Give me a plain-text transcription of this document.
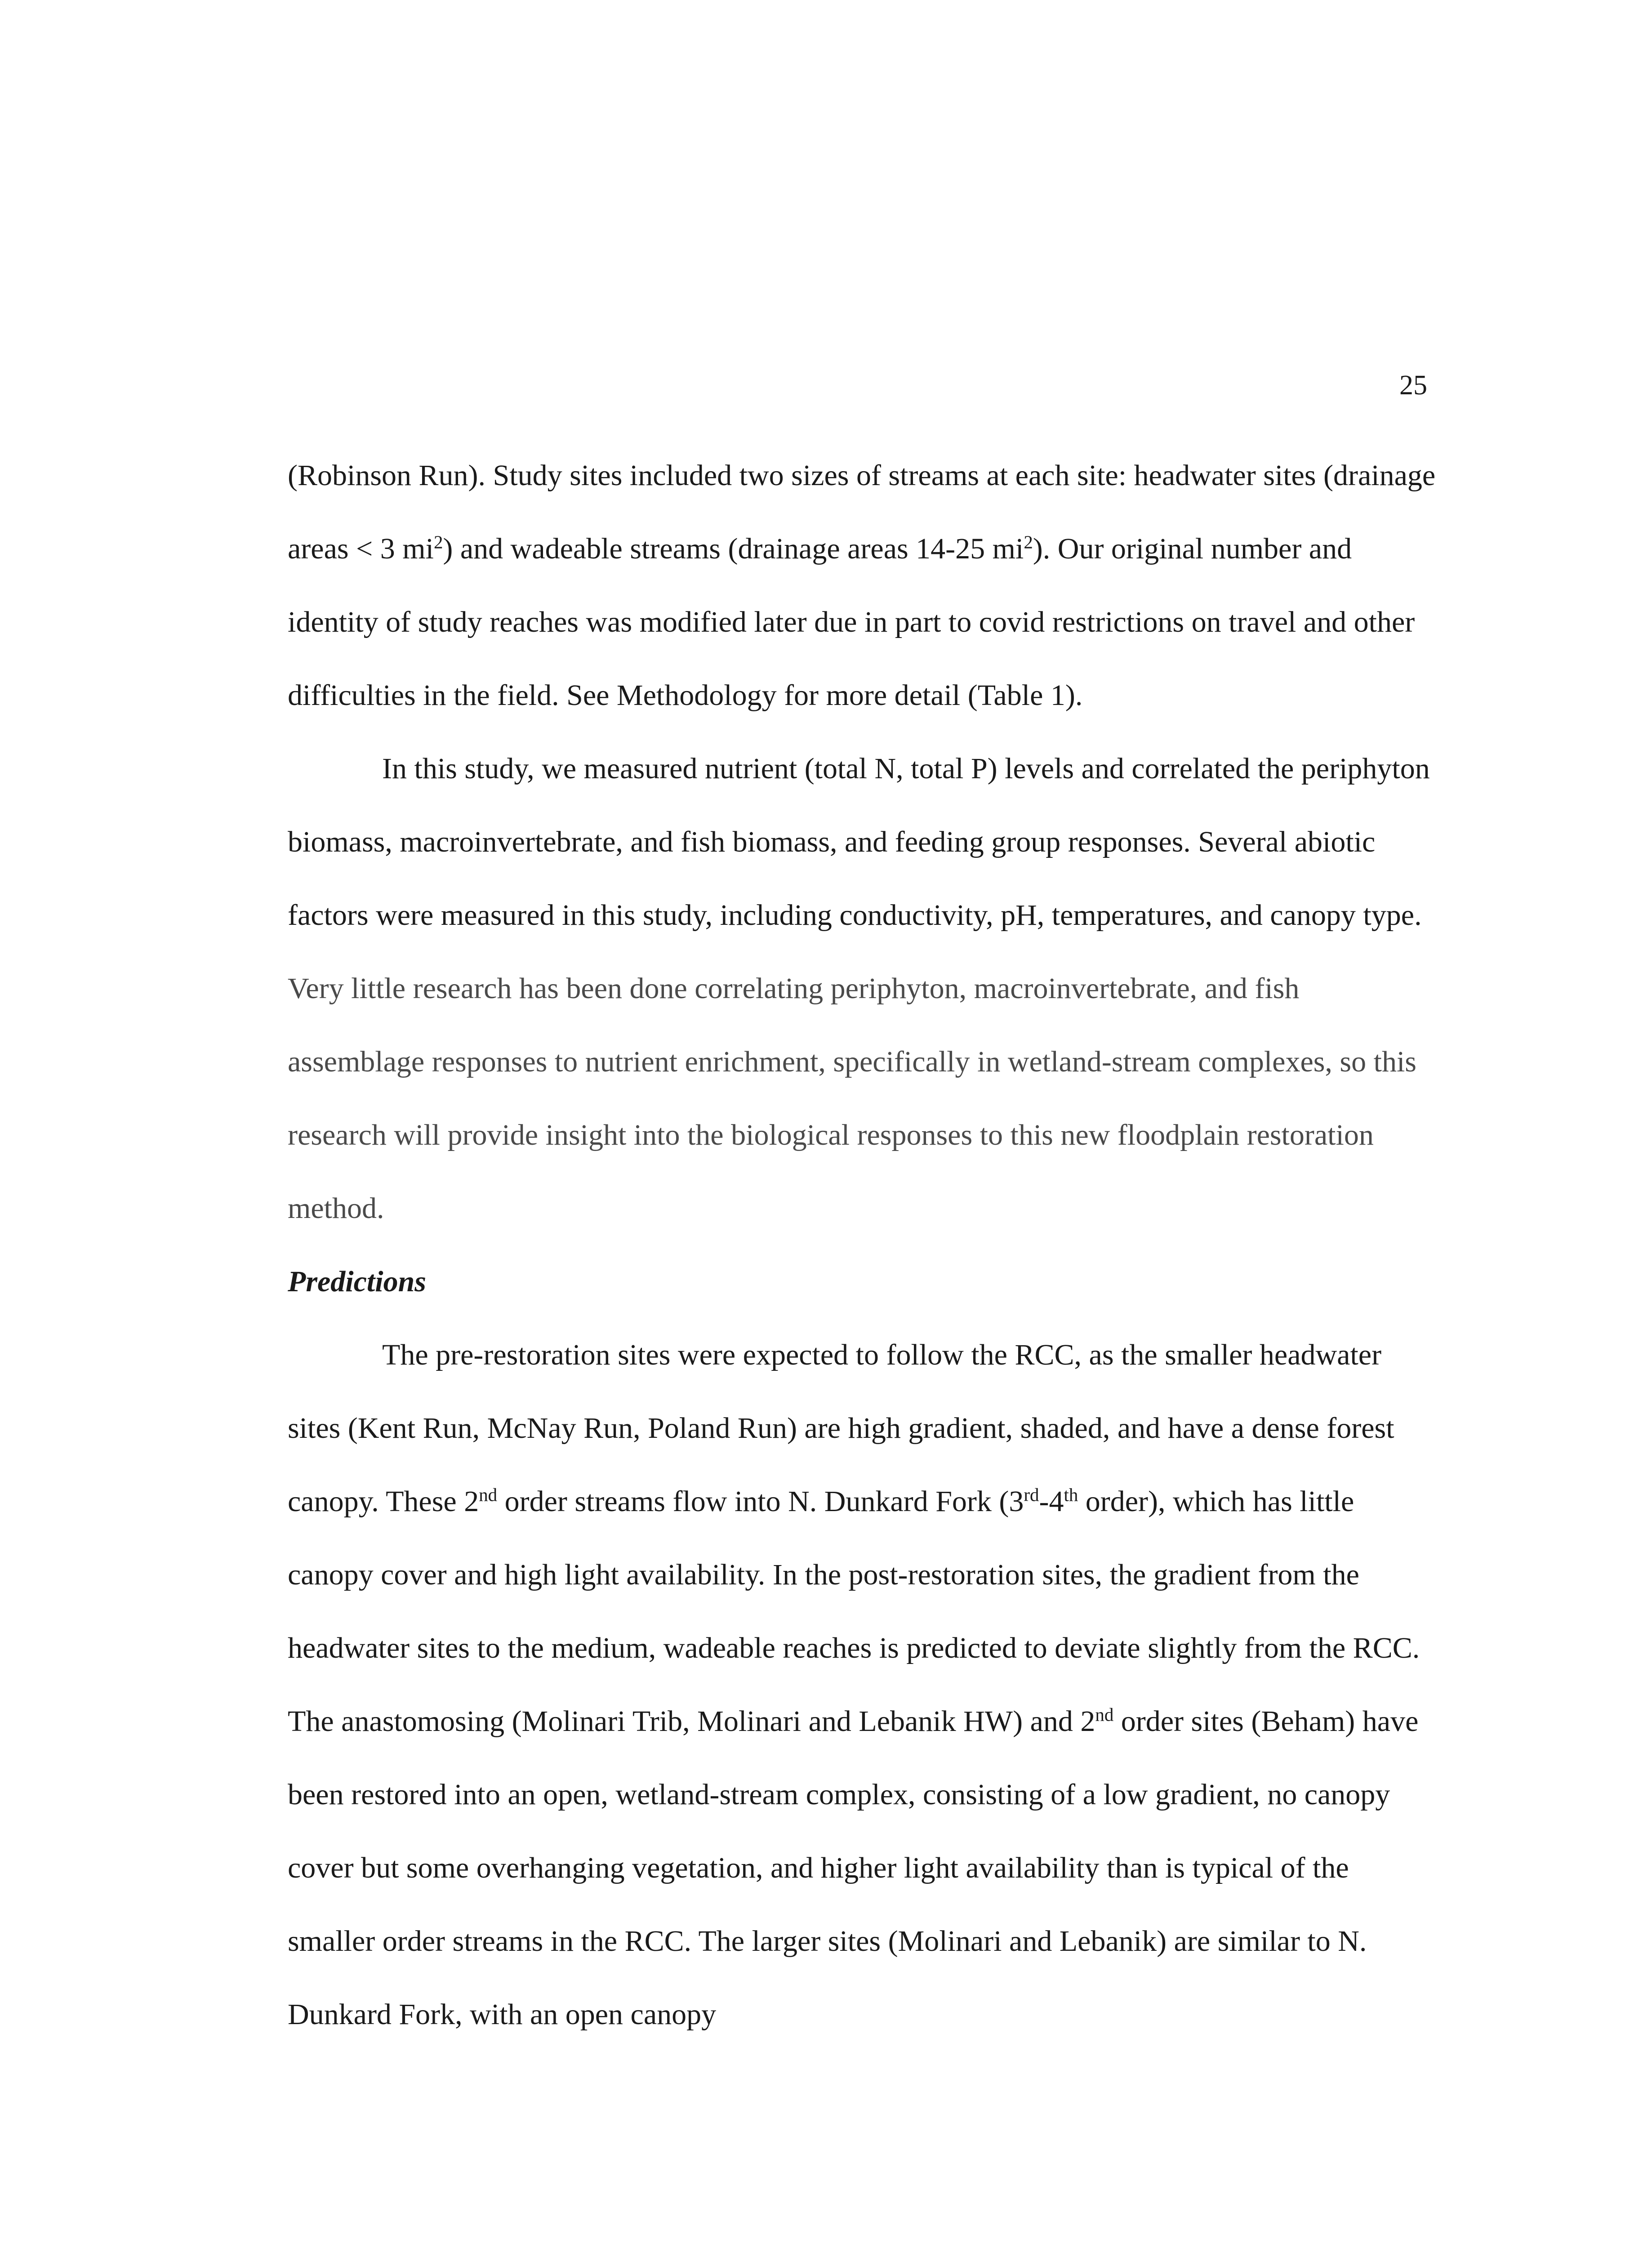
25

(Robinson Run). Study sites included two sizes of streams at each site: headwater sites (drainage areas < 3 $mi^2$) and wadeable streams (drainage areas 14-25 $mi^2$). Our original number and identity of study reaches was modified later due in part to covid restrictions on travel and other difficulties in the field. See Methodology for more detail (Table 1).

In this study, we measured nutrient (total N, total P) levels and correlated the periphyton biomass, macroinvertebrate, and fish biomass, and feeding group responses. Several abiotic factors were measured in this study, including conductivity, pH, temperatures, and canopy type. Very little research has been done correlating periphyton, macroinvertebrate, and fish assemblage responses to nutrient enrichment, specifically in wetland-stream complexes, so this research will provide insight into the biological responses to this new floodplain restoration method.

Predictions

The pre-restoration sites were expected to follow the RCC, as the smaller headwater sites (Kent Run, McNay Run, Poland Run) are high gradient, shaded, and have a dense forest canopy. These 2nd order streams flow into N. Dunkard Fork (3rd-4th order), which has little canopy cover and high light availability. In the post-restoration sites, the gradient from the headwater sites to the medium, wadeable reaches is predicted to deviate slightly from the RCC. The anastomosing (Molinari Trib, Molinari and Lebanik HW) and 2nd order sites (Beham) have been restored into an open, wetland-stream complex, consisting of a low gradient, no canopy cover but some overhanging vegetation, and higher light availability than is typical of the smaller order streams in the RCC. The larger sites (Molinari and Lebanik) are similar to N. Dunkard Fork, with an open canopy
